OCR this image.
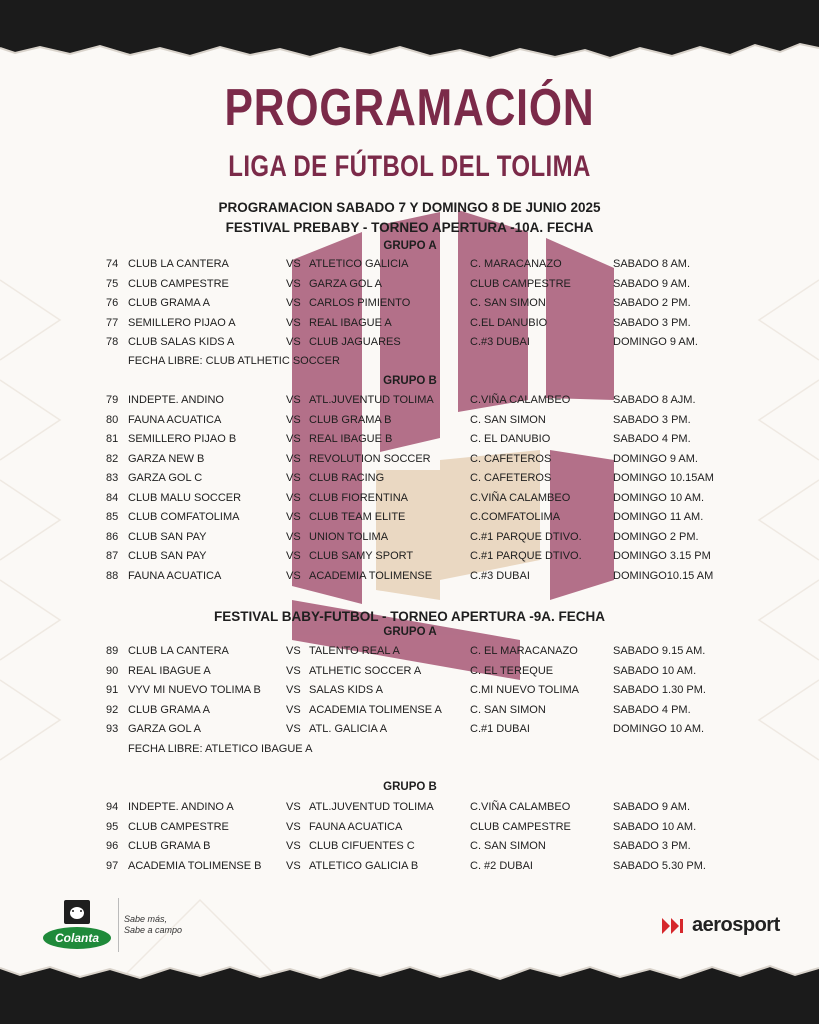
PROGRAMACIÓN
LIGA DE FÚTBOL DEL TOLIMA
PROGRAMACION SABADO 7 Y DOMINGO 8 DE JUNIO 2025
FESTIVAL PREBABY - TORNEO APERTURA -10A. FECHA
GRUPO A
74 CLUB LA CANTERA	VS ATLETICO GALICIA	C. MARACANAZO	SABADO 8 AM.
75 CLUB CAMPESTRE	VS GARZA GOL A	CLUB CAMPESTRE	SABADO 9 AM.
76 CLUB GRAMA A	VS CARLOS PIMIENTO	C. SAN SIMON	SABADO 2 PM.
77 SEMILLERO PIJAO A	VS REAL IBAGUE A	C.EL DANUBIO	SABADO 3 PM.
78 CLUB SALAS KIDS A	VS CLUB JAGUARES	C.#3 DUBAI	DOMINGO 9 AM.
FECHA LIBRE: CLUB ATLHETIC SOCCER
GRUPO B
79 INDEPTE. ANDINO	VS ATL.JUVENTUD TOLIMA	C.VIÑA CALAMBEO	SABADO 8 AJM.
80 FAUNA ACUATICA	VS CLUB GRAMA B	C. SAN SIMON	SABADO 3 PM.
81 SEMILLERO PIJAO B	VS REAL IBAGUE B	C. EL DANUBIO	SABADO 4 PM.
82 GARZA NEW B	VS REVOLUTION SOCCER	C. CAFETEROS	DOMINGO 9 AM.
83 GARZA GOL C	VS CLUB RACING	C. CAFETEROS	DOMINGO 10.15AM
84 CLUB MALU SOCCER	VS CLUB FIORENTINA	C.VIÑA CALAMBEO	DOMINGO 10 AM.
85 CLUB COMFATOLIMA	VS CLUB TEAM ELITE	C.COMFATOLIMA	DOMINGO 11 AM.
86 CLUB SAN PAY	VS UNION TOLIMA	C.#1 PARQUE DTIVO.	DOMINGO 2 PM.
87 CLUB SAN PAY	VS CLUB SAMY SPORT	C.#1 PARQUE DTIVO.	DOMINGO 3.15 PM
88 FAUNA ACUATICA	VS ACADEMIA TOLIMENSE	C.#3 DUBAI	DOMINGO10.15 AM
FESTIVAL BABY-FUTBOL - TORNEO APERTURA -9A. FECHA
GRUPO A
89 CLUB LA CANTERA	VS TALENTO REAL A	C. EL MARACANAZO	SABADO 9.15 AM.
90 REAL IBAGUE A	VS ATLHETIC SOCCER A	C. EL TEREQUE	SABADO 10 AM.
91 VYV MI NUEVO TOLIMA B VS SALAS KIDS A	C.MI NUEVO TOLIMA	SABADO 1.30 PM.
92 CLUB GRAMA A	VS ACADEMIA TOLIMENSE A	C. SAN SIMON	SABADO 4 PM.
93 GARZA GOL A	VS ATL. GALICIA A	C.#1 DUBAI	DOMINGO 10 AM.
FECHA LIBRE: ATLETICO IBAGUE A
GRUPO B
94 INDEPTE. ANDINO A	VS ATL.JUVENTUD TOLIMA	C.VIÑA CALAMBEO	SABADO 9 AM.
95 CLUB CAMPESTRE	VS FAUNA ACUATICA	CLUB CAMPESTRE	SABADO 10 AM.
96 CLUB GRAMA B	VS CLUB CIFUENTES C	C. SAN SIMON	SABADO 3 PM.
97 ACADEMIA TOLIMENSE B VS ATLETICO GALICIA B	C. #2 DUBAI	SABADO 5.30 PM.
Colanta
Sabe más,
Sabe a campo	aerosport
